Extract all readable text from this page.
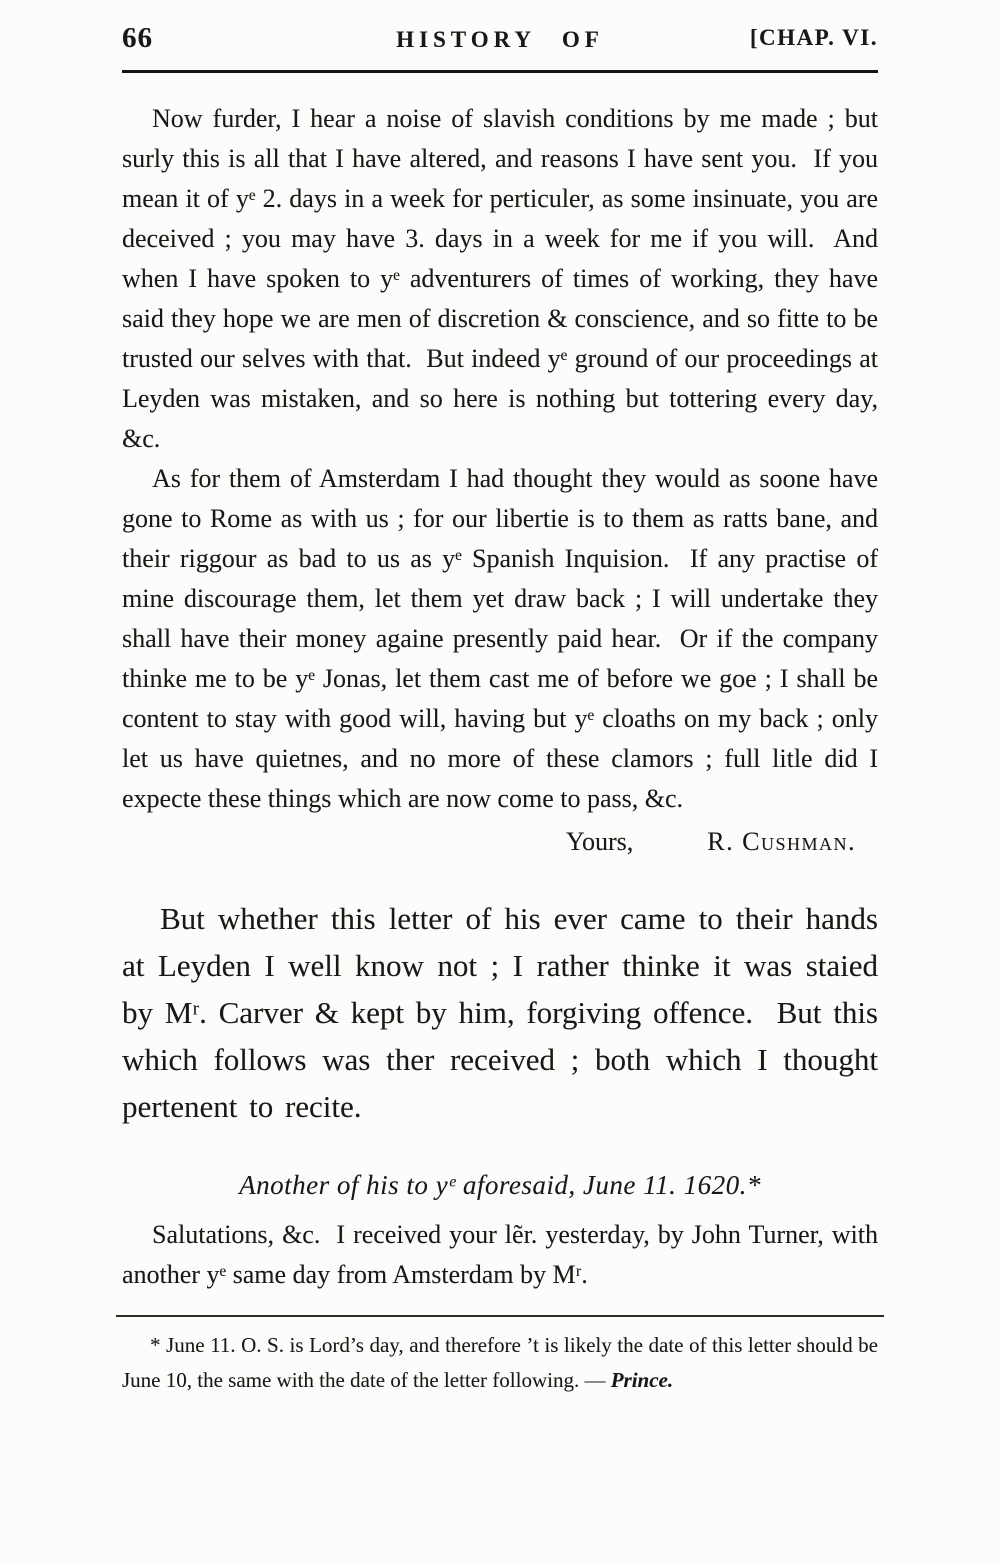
66	HISTORY OF	[CHAP. VI.

Now furder, I hear a noise of slavish conditions by me made ; but surly this is all that I have altered, and reasons I have sent you.  If you mean it of yᵉ 2. days in a week for perticuler, as some insinuate, you are deceived ; you may have 3. days in a week for me if you will.  And when I have spoken to yᵉ adventurers of times of working, they have said they hope we are men of discretion & conscience, and so fitte to be trusted our selves with that.  But indeed yᵉ ground of our proceedings at Leyden was mistaken, and so here is nothing but tottering every day, &c.

As for them of Amsterdam I had thought they would as soone have gone to Rome as with us ; for our libertie is to them as ratts bane, and their riggour as bad to us as yᵉ Spanish Inquision.  If any practise of mine discourage them, let them yet draw back ; I will undertake they shall have their money againe presently paid hear.  Or if the company thinke me to be yᵉ Jonas, let them cast me of before we goe ; I shall be content to stay with good will, having but yᵉ cloaths on my back ; only let us have quietnes, and no more of these clamors ; full litle did I expecte these things which are now come to pass, &c.

Yours,	R. Cushman.

But whether this letter of his ever came to their hands at Leyden I well know not ; I rather thinke it was staied by Mʳ. Carver & kept by him, forgiving offence.  But this which follows was ther received ; both which I thought pertenent to recite.

Another of his to yᵉ aforesaid, June 11. 1620.*

Salutations, &c.  I received your lẽr. yesterday, by John Turner, with another yᵉ same day from Amsterdam by Mʳ.

* June 11. O. S. is Lord’s day, and therefore ’t is likely the date of this letter should be June 10, the same with the date of the letter following. — Prince.
